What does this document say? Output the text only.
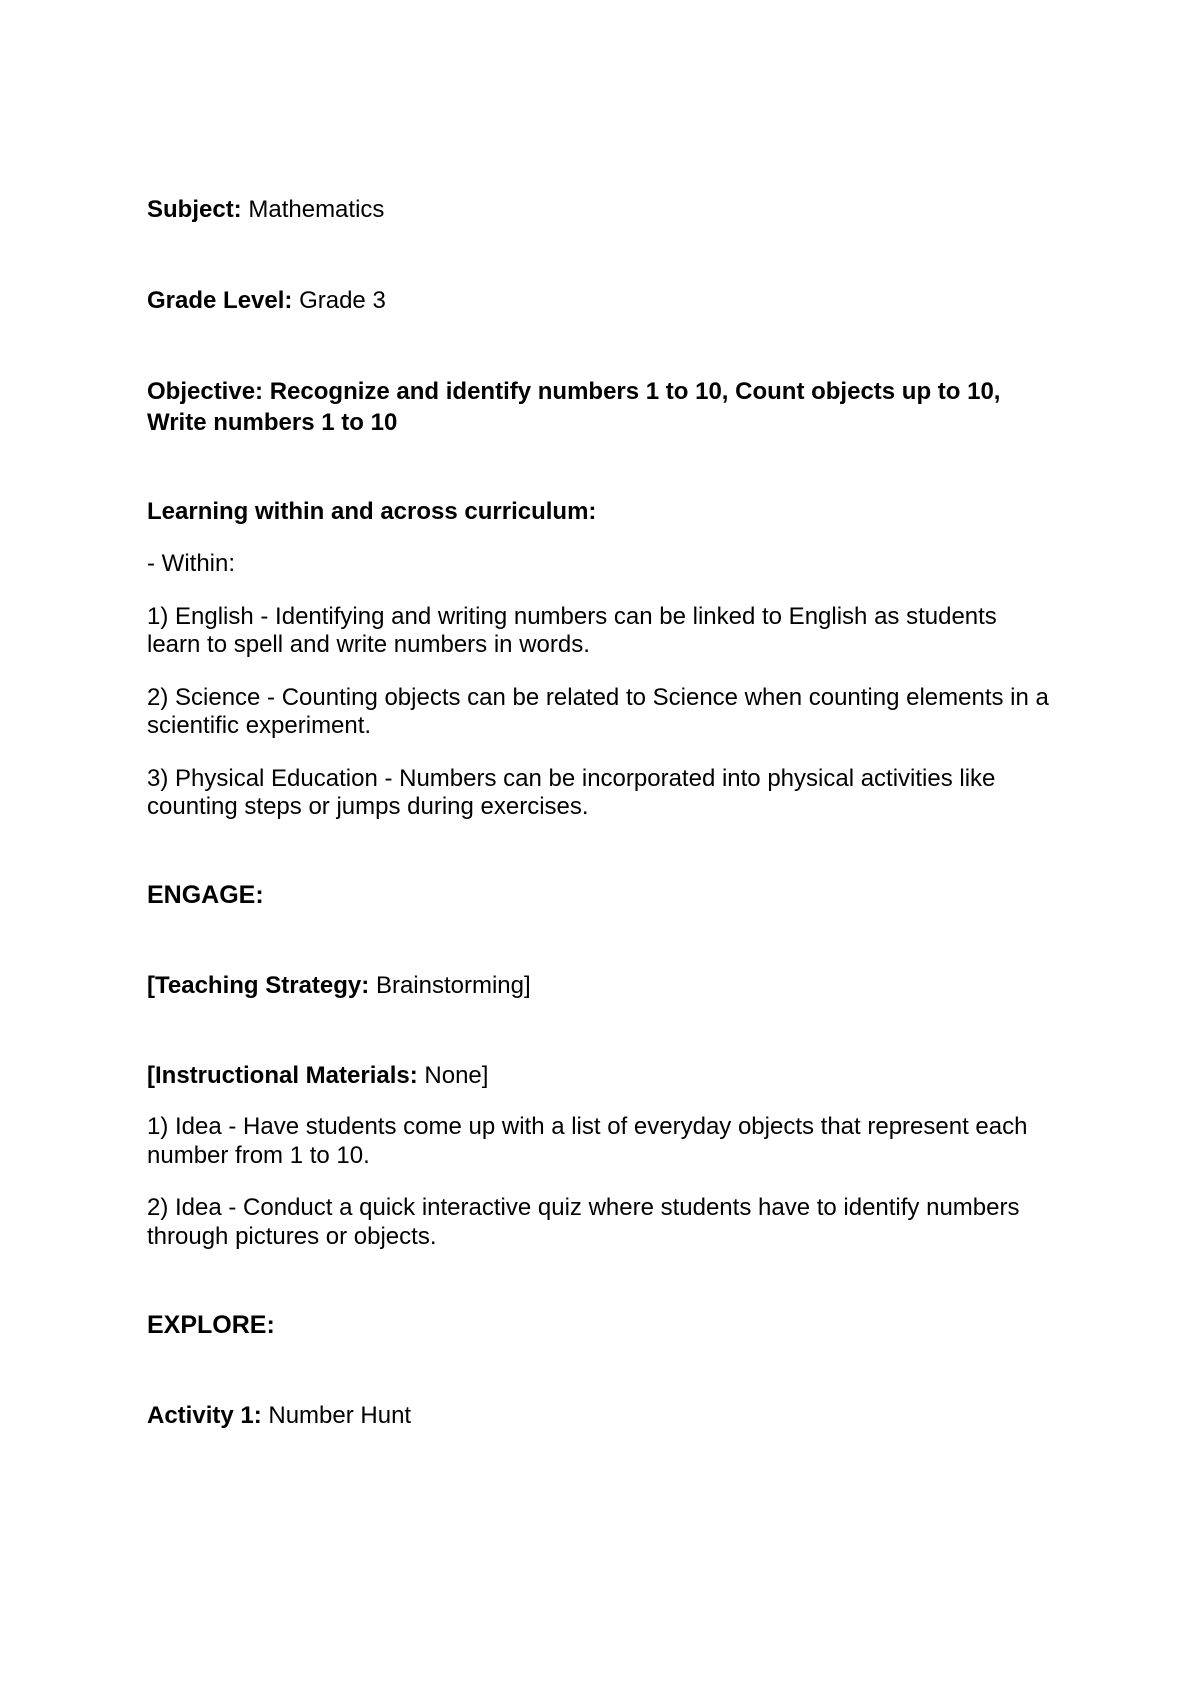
Subject: Mathematics
Grade Level: Grade 3
Objective: Recognize and identify numbers 1 to 10, Count objects up to 10,
Write numbers 1 to 10
Learning within and across curriculum:
- Within:
1) English - Identifying and writing numbers can be linked to English as students
learn to spell and write numbers in words.
2) Science - Counting objects can be related to Science when counting elements in a
scientific experiment.
3) Physical Education - Numbers can be incorporated into physical activities like
counting steps or jumps during exercises.
ENGAGE:
[Teaching Strategy: Brainstorming]
[Instructional Materials: None]
1) Idea - Have students come up with a list of everyday objects that represent each
number from 1 to 10.
2) Idea - Conduct a quick interactive quiz where students have to identify numbers
through pictures or objects.
EXPLORE:
Activity 1: Number Hunt
